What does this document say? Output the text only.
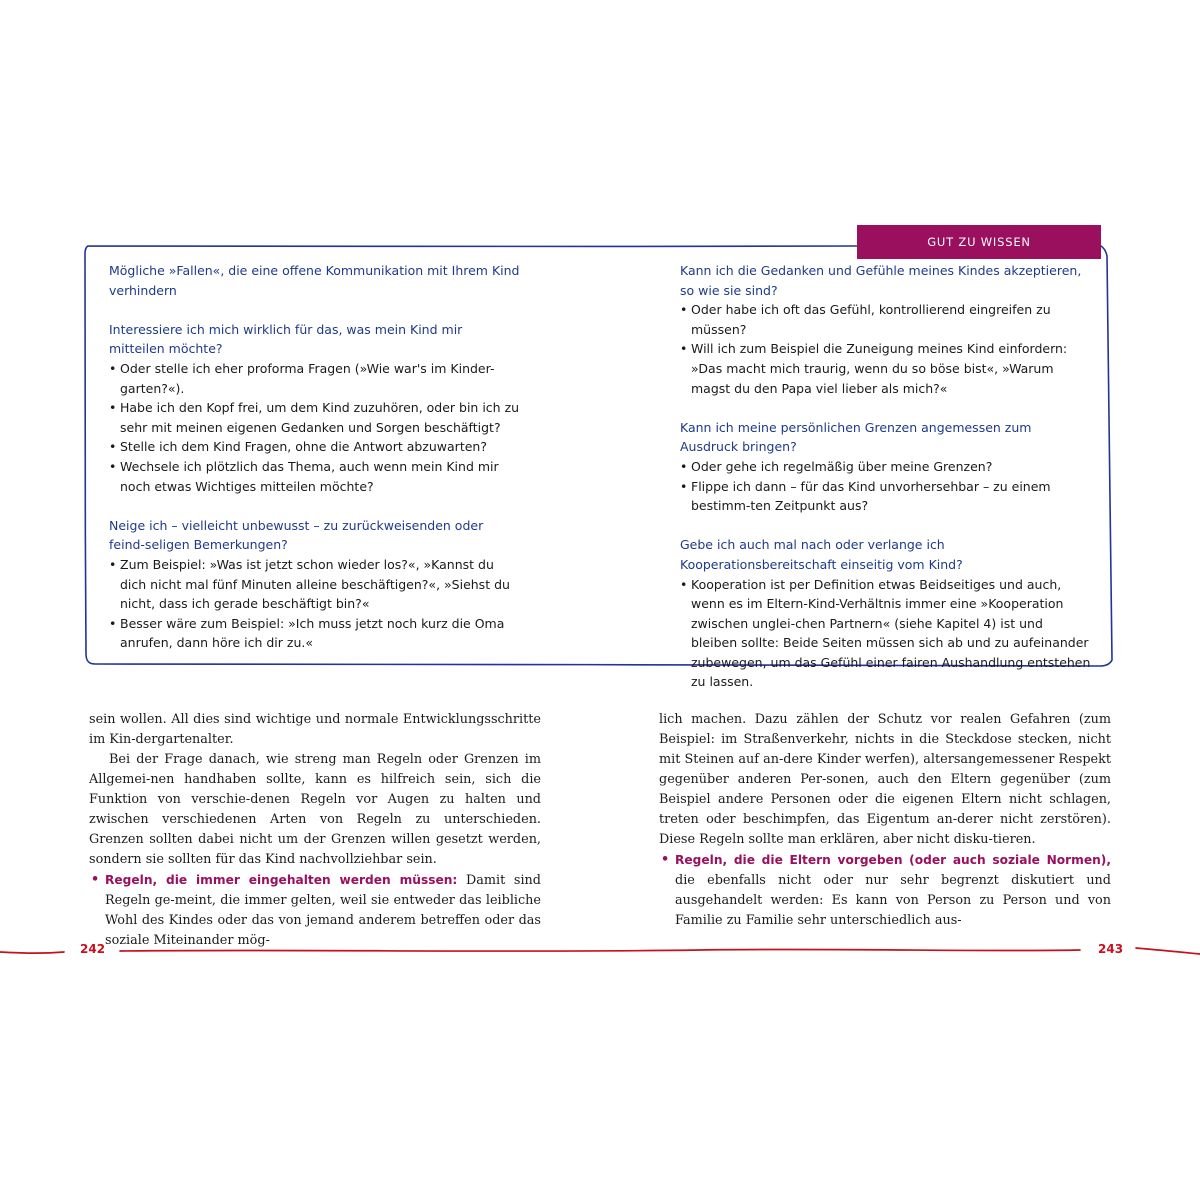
GUT ZU WISSEN

Mögliche »Fallen«, die eine offene Kommunikation mit Ihrem Kind verhindern

Interessiere ich mich wirklich für das, was mein Kind mir mitteilen möchte?

• Oder stelle ich eher proforma Fragen (»Wie war's im Kinder-garten?«).
• Habe ich den Kopf frei, um dem Kind zuzuhören, oder bin ich zu sehr mit meinen eigenen Gedanken und Sorgen beschäftigt?
• Stelle ich dem Kind Fragen, ohne die Antwort abzuwarten?
• Wechsele ich plötzlich das Thema, auch wenn mein Kind mir noch etwas Wichtiges mitteilen möchte?

Neige ich – vielleicht unbewusst – zu zurückweisenden oder feind-seligen Bemerkungen?

• Zum Beispiel: »Was ist jetzt schon wieder los?«, »Kannst du dich nicht mal fünf Minuten alleine beschäftigen?«, »Siehst du nicht, dass ich gerade beschäftigt bin?«
• Besser wäre zum Beispiel: »Ich muss jetzt noch kurz die Oma anrufen, dann höre ich dir zu.«

Kann ich die Gedanken und Gefühle meines Kindes akzeptieren, so wie sie sind?

• Oder habe ich oft das Gefühl, kontrollierend eingreifen zu müssen?
• Will ich zum Beispiel die Zuneigung meines Kind einfordern: »Das macht mich traurig, wenn du so böse bist«, »Warum magst du den Papa viel lieber als mich?«

Kann ich meine persönlichen Grenzen angemessen zum Ausdruck bringen?

• Oder gehe ich regelmäßig über meine Grenzen?
• Flippe ich dann – für das Kind unvorhersehbar – zu einem bestimm-ten Zeitpunkt aus?

Gebe ich auch mal nach oder verlange ich Kooperationsbereitschaft einseitig vom Kind?

• Kooperation ist per Definition etwas Beidseitiges und auch, wenn es im Eltern-Kind-Verhältnis immer eine »Kooperation zwischen unglei-chen Partnern« (siehe Kapitel 4) ist und bleiben sollte: Beide Seiten müssen sich ab und zu aufeinander zubewegen, um das Gefühl einer fairen Aushandlung entstehen zu lassen.

sein wollen. All dies sind wichtige und normale Entwicklungsschritte im Kin-dergartenalter.

Bei der Frage danach, wie streng man Regeln oder Grenzen im Allgemei-nen handhaben sollte, kann es hilfreich sein, sich die Funktion von verschie-denen Regeln vor Augen zu halten und zwischen verschiedenen Arten von Regeln zu unterschieden. Grenzen sollten dabei nicht um der Grenzen willen gesetzt werden, sondern sie sollten für das Kind nachvollziehbar sein.

• Regeln, die immer eingehalten werden müssen: Damit sind Regeln ge-meint, die immer gelten, weil sie entweder das leibliche Wohl des Kindes oder das von jemand anderem betreffen oder das soziale Miteinander mög-

lich machen. Dazu zählen der Schutz vor realen Gefahren (zum Beispiel: im Straßenverkehr, nichts in die Steckdose stecken, nicht mit Steinen auf an-dere Kinder werfen), altersangemessener Respekt gegenüber anderen Per-sonen, auch den Eltern gegenüber (zum Beispiel andere Personen oder die eigenen Eltern nicht schlagen, treten oder beschimpfen, das Eigentum an-derer nicht zerstören). Diese Regeln sollte man erklären, aber nicht disku-tieren.

• Regeln, die die Eltern vorgeben (oder auch soziale Normen), die ebenfalls nicht oder nur sehr begrenzt diskutiert und ausgehandelt werden: Es kann von Person zu Person und von Familie zu Familie sehr unterschiedlich aus-
242	243
